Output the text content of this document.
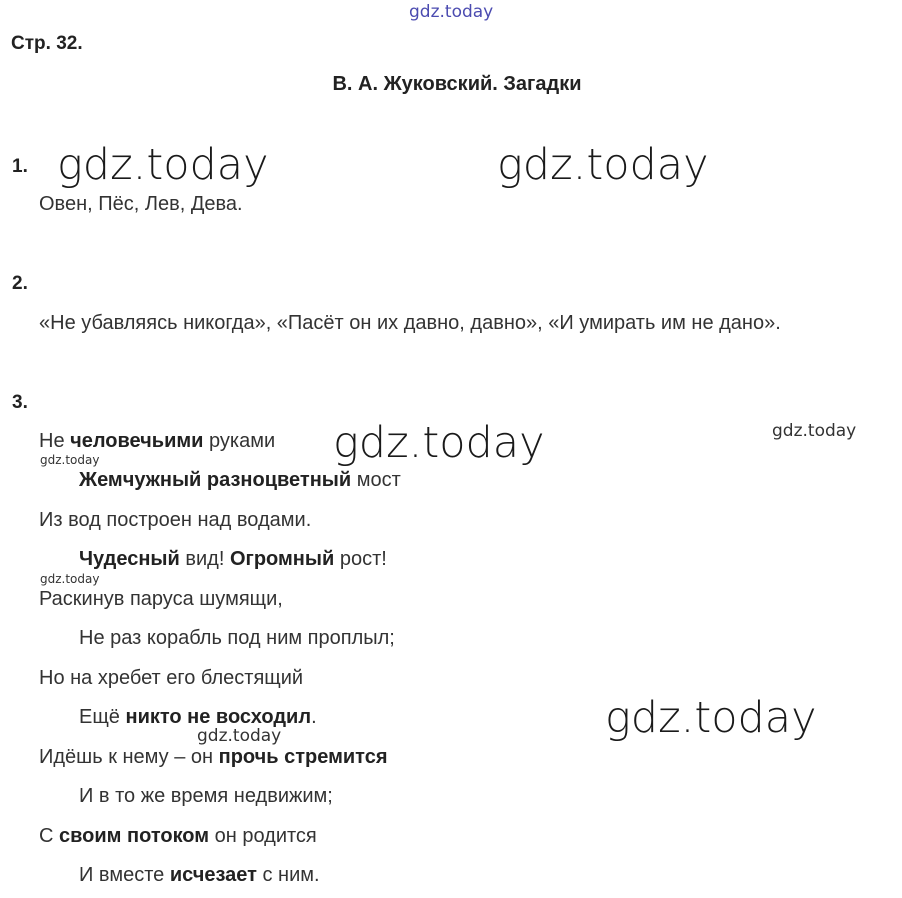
gdz.today
gdz.today	gdz.today
gdz.today	gdz.today
gdz.today
gdz.today
gdz.today
gdz.today
Стр. 32.
В. А. Жуковский. Загадки
1.
Овен, Пёс, Лев, Дева.
2.
«Не убавляясь никогда», «Пасёт он их давно, давно», «И умирать им не дано».
3.
Не человечьими руками
Жемчужный разноцветный мост
Из вод построен над водами.
Чудесный вид! Огромный рост!
Раскинув паруса шумящи,
Не раз корабль под ним проплыл;
Но на хребет его блестящий
Ещё никто не восходил.
Идёшь к нему – он прочь стремится
И в то же время недвижим;
С своим потоком он родится
И вместе исчезает с ним.
